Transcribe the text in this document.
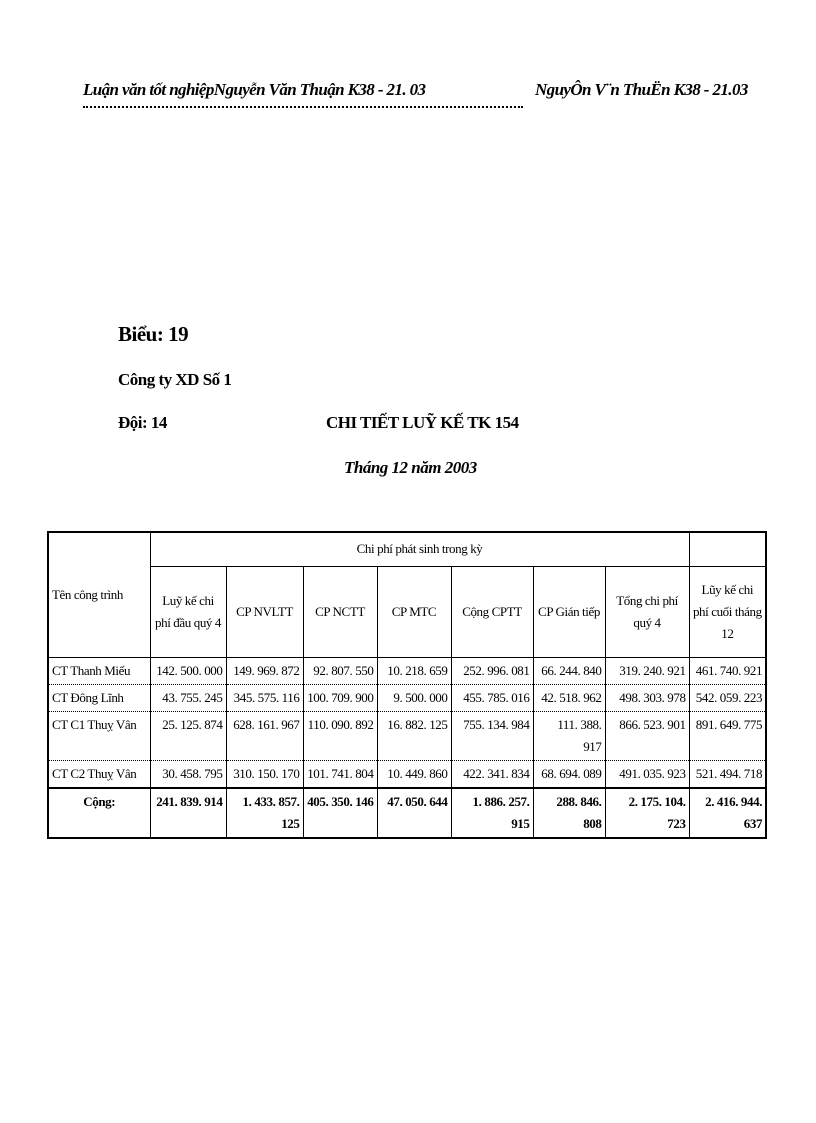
Luận văn tốt nghiệpNguyễn Văn Thuận K38 - 21. 03	NguyÔn V¨n ThuËn K38 - 21.03
Biểu: 19
Công ty XD Số 1
Đội: 14	CHI TIẾT LUỸ KẾ TK 154
Tháng 12 năm 2003
Tên công trình	Chi phí phát sinh trong kỳ							
	Luỹ kế chi phí đầu quý 4	CP NVLTT	CP NCTT	CP MTC	Cộng CPTT	CP Gián tiếp	Tổng chi phí quý 4	Lũy kế chi phí cuối tháng 12
CT Thanh Miếu	142. 500. 000	149. 969. 872	92. 807. 550	10. 218. 659	252. 996. 081	66. 244. 840	319. 240. 921	461. 740. 921
CT Đông Lĩnh	43. 755. 245	345. 575. 116	100. 709. 900	9. 500. 000	455. 785. 016	42. 518. 962	498. 303. 978	542. 059. 223
CT C1 Thuỵ Vân	25. 125. 874	628. 161. 967	110. 090. 892	16. 882. 125	755. 134. 984	111. 388. 917	866. 523. 901	891. 649. 775
CT C2 Thuỵ Vân	30. 458. 795	310. 150. 170	101. 741. 804	10. 449. 860	422. 341. 834	68. 694. 089	491. 035. 923	521. 494. 718
Cộng:	241. 839. 914	1. 433. 857. 125	405. 350. 146	47. 050. 644	1. 886. 257. 915	288. 846. 808	2. 175. 104. 723	2. 416. 944. 637
